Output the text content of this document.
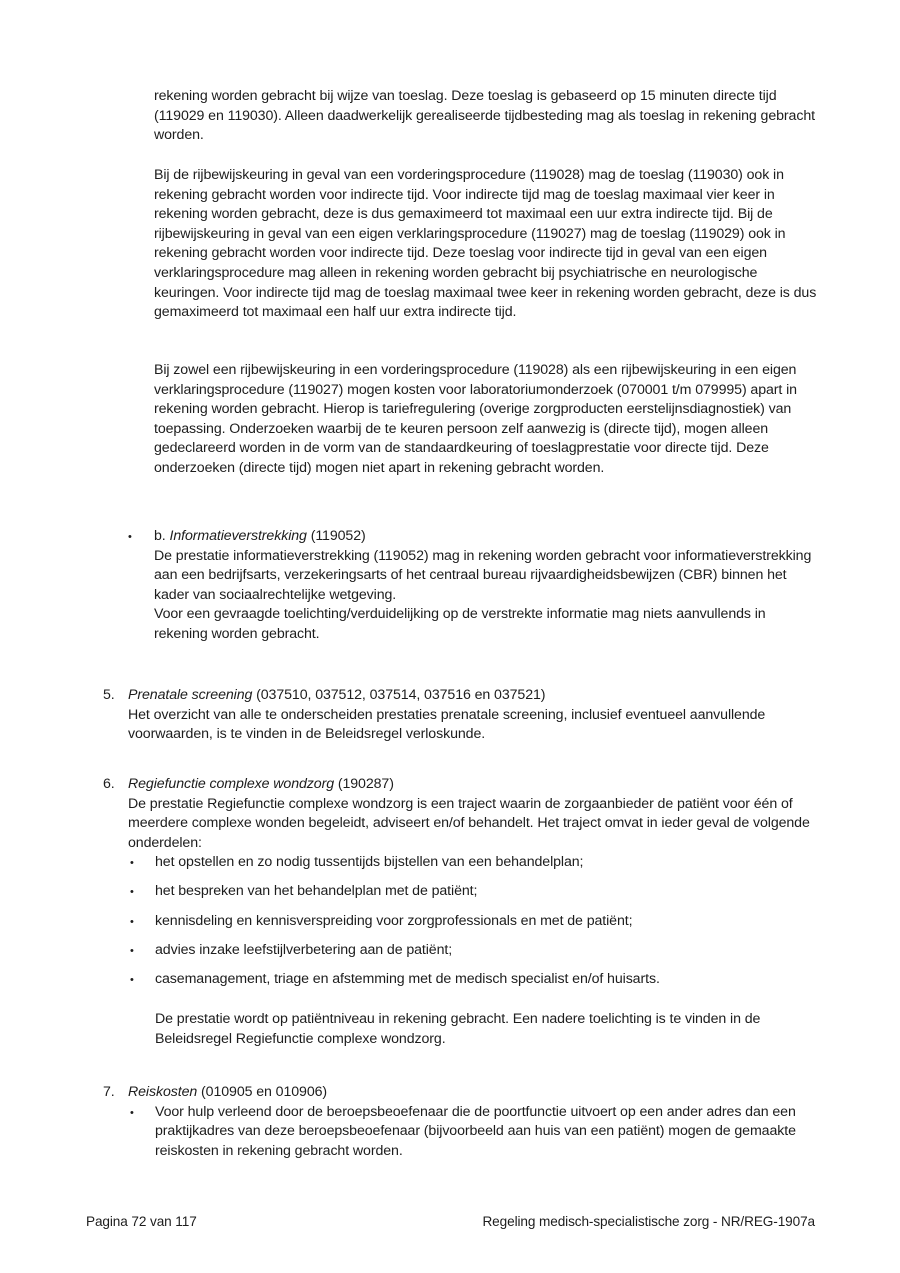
rekening worden gebracht bij wijze van toeslag. Deze toeslag is gebaseerd op 15 minuten directe tijd (119029 en 119030). Alleen daadwerkelijk gerealiseerde tijdbesteding mag als toeslag in rekening gebracht worden.
Bij de rijbewijskeuring in geval van een vorderingsprocedure (119028) mag de toeslag (119030) ook in rekening gebracht worden voor indirecte tijd. Voor indirecte tijd mag de toeslag maximaal vier keer in rekening worden gebracht, deze is dus gemaximeerd tot maximaal een uur extra indirecte tijd. Bij de rijbewijskeuring in geval van een eigen verklaringsprocedure (119027) mag de toeslag (119029) ook in rekening gebracht worden voor indirecte tijd. Deze toeslag voor indirecte tijd in geval van een eigen verklaringsprocedure mag alleen in rekening worden gebracht bij psychiatrische en neurologische keuringen. Voor indirecte tijd mag de toeslag maximaal twee keer in rekening worden gebracht, deze is dus gemaximeerd tot maximaal een half uur extra indirecte tijd.
Bij zowel een rijbewijskeuring in een vorderingsprocedure (119028) als een rijbewijskeuring in een eigen verklaringsprocedure (119027) mogen kosten voor laboratoriumonderzoek (070001 t/m 079995) apart in rekening worden gebracht. Hierop is tariefregulering (overige zorgproducten eerstelijnsdiagnostiek) van toepassing. Onderzoeken waarbij de te keuren persoon zelf aanwezig is (directe tijd), mogen alleen gedeclareerd worden in de vorm van de standaardkeuring of toeslagprestatie voor directe tijd. Deze onderzoeken (directe tijd) mogen niet apart in rekening gebracht worden.
•	b. Informatieverstrekking (119052)
De prestatie informatieverstrekking (119052) mag in rekening worden gebracht voor informatieverstrekking aan een bedrijfsarts, verzekeringsarts of het centraal bureau rijvaardigheidsbewijzen (CBR) binnen het kader van sociaalrechtelijke wetgeving.
Voor een gevraagde toelichting/verduidelijking op de verstrekte informatie mag niets aanvullends in rekening worden gebracht.
5. Prenatale screening (037510, 037512, 037514, 037516 en 037521)
Het overzicht van alle te onderscheiden prestaties prenatale screening, inclusief eventueel aanvullende voorwaarden, is te vinden in de Beleidsregel verloskunde.
6. Regiefunctie complexe wondzorg (190287)
De prestatie Regiefunctie complexe wondzorg is een traject waarin de zorgaanbieder de patiënt voor één of meerdere complexe wonden begeleidt, adviseert en/of behandelt. Het traject omvat in ieder geval de volgende onderdelen:
•	het opstellen en zo nodig tussentijds bijstellen van een behandelplan;
•	het bespreken van het behandelplan met de patiënt;
•	kennisdeling en kennisverspreiding voor zorgprofessionals en met de patiënt;
•	advies inzake leefstijlverbetering aan de patiënt;
•	casemanagement, triage en afstemming met de medisch specialist en/of huisarts.
De prestatie wordt op patiëntniveau in rekening gebracht. Een nadere toelichting is te vinden in de Beleidsregel Regiefunctie complexe wondzorg.
7. Reiskosten (010905 en 010906)
•	Voor hulp verleend door de beroepsbeoefenaar die de poortfunctie uitvoert op een ander adres dan een praktijkadres van deze beroepsbeoefenaar (bijvoorbeeld aan huis van een patiënt) mogen de gemaakte reiskosten in rekening gebracht worden.
Pagina 72 van 117	Regeling medisch-specialistische zorg - NR/REG-1907a
